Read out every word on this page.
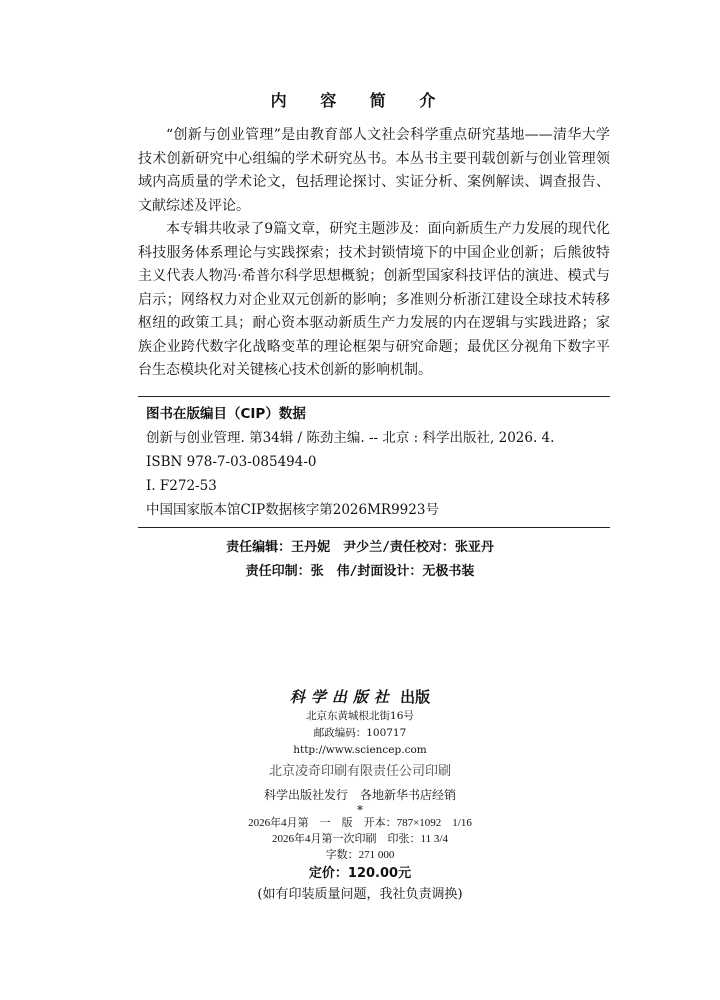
内 容 简 介

“创新与创业管理”是由教育部人文社会科学重点研究基地——清华大学技术创新研究中心组编的学术研究丛书。本丛书主要刊载创新与创业管理领域内高质量的学术论文，包括理论探讨、实证分析、案例解读、调查报告、文献综述及评论。

本专辑共收录了9篇文章，研究主题涉及：面向新质生产力发展的现代化科技服务体系理论与实践探索；技术封锁情境下的中国企业创新；后熊彼特主义代表人物冯·希普尔科学思想概貌；创新型国家科技评估的演进、模式与启示；网络权力对企业双元创新的影响；多准则分析浙江建设全球技术转移枢纽的政策工具；耐心资本驱动新质生产力发展的内在逻辑与实践进路；家族企业跨代数字化战略变革的理论框架与研究命题；最优区分视角下数字平台生态模块化对关键核心技术创新的影响机制。

图书在版编目（CIP）数据
创新与创业管理. 第34辑 / 陈劲主编. -- 北京 : 科学出版社, 2026. 4.
ISBN 978-7-03-085494-0
Ⅰ. F272-53
中国国家版本馆CIP数据核字第2026MR9923号
责任编辑：王丹妮　尹少兰/责任校对：张亚丹
责任印制：张　伟/封面设计：无极书装
科学出版社 出版
北京东黄城根北街16号
邮政编码：100717
http://www.sciencep.com
北京凌奇印刷有限责任公司印刷
科学出版社发行　各地新华书店经销
*
2026年4月第　一　版　开本：787×1092　1/16
2026年4月第一次印刷　印张：11 3/4
字数：271 000
定价：120.00元
(如有印装质量问题，我社负责调换)
